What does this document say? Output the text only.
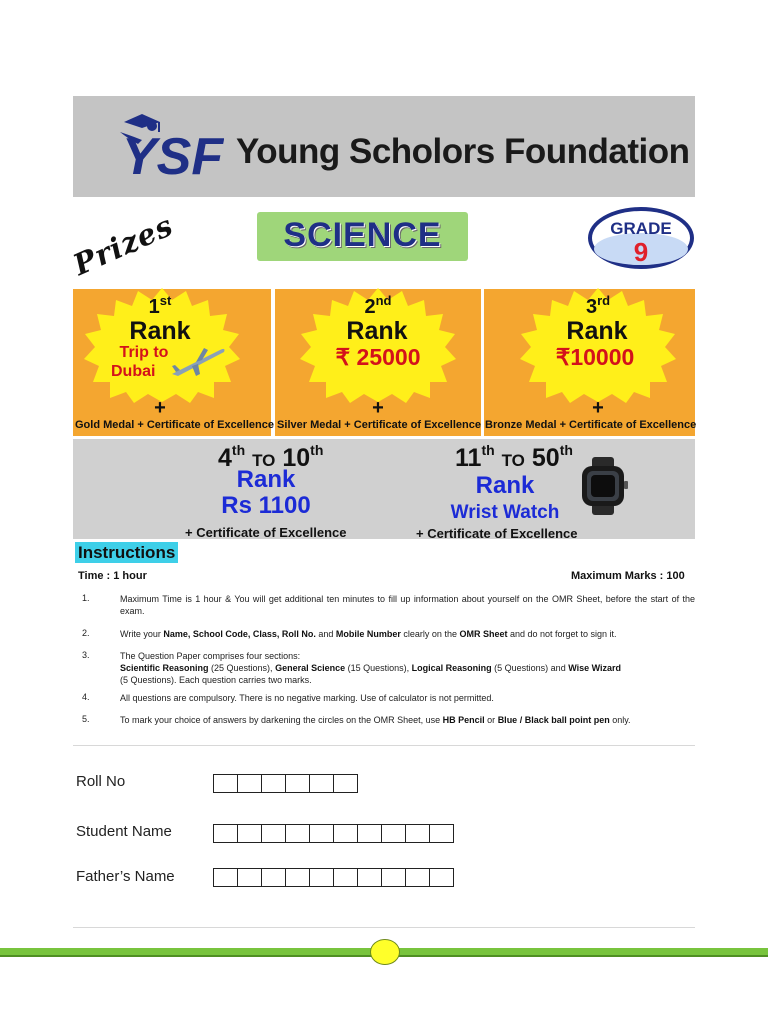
YSF Young Scholors Foundation
SCIENCE	GRADE
9
Prizes
1st
Rank
Trip to
Dubai
+
Gold Medal + Certificate of Excellence
2nd
Rank
₹ 25000
+
Silver Medal + Certificate of Excellence
3rd
Rank
₹10000
+
Bronze Medal + Certificate of Excellence
4th TO 10th
Rank
Rs 1100
+ Certificate of Excellence
11th TO 50th
Rank
Wrist Watch
+ Certificate of Excellence
Instructions
Time : 1 hour	Maximum Marks : 100
1.	Maximum Time is 1 hour & You will get additional ten minutes to fill up information about yourself on the OMR Sheet, before the start of the exam.
2.	Write your Name, School Code, Class, Roll No. and Mobile Number clearly on the OMR Sheet and do not forget to sign it.
3.	The Question Paper comprises four sections:
Scientific Reasoning (25 Questions), General Science (15 Questions), Logical Reasoning (5 Questions) and Wise Wizard
(5 Questions). Each question carries two marks.
4.	All questions are compulsory. There is no negative marking. Use of calculator is not permitted.
5.	To mark your choice of answers by darkening the circles on the OMR Sheet, use HB Pencil or Blue / Black ball point pen only.
Roll No
Student Name
Father’s Name
